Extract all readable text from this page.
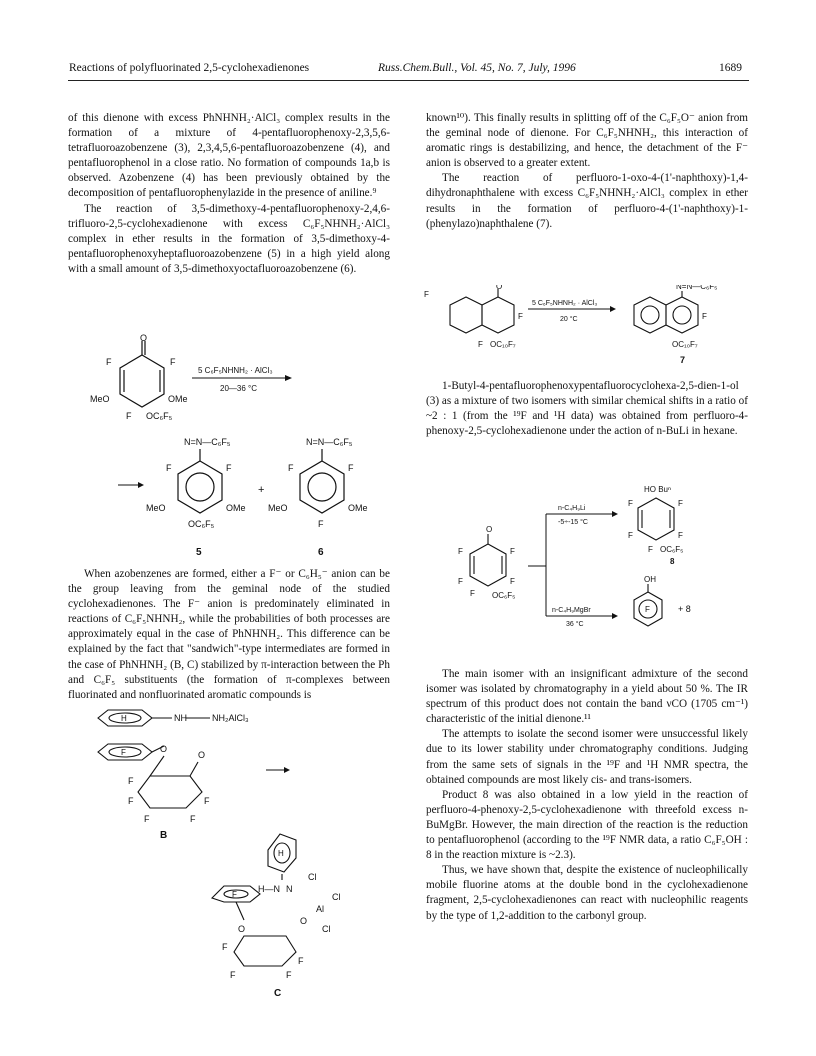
Reactions of polyfluorinated 2,5-cyclohexadienones	Russ.Chem.Bull., Vol. 45, No. 7, July, 1996	1689

of this dienone with excess PhNHNH₂·AlCl₃ complex results in the formation of a mixture of 4-pentafluorophenoxy-2,3,5,6-tetrafluoroazobenzene (3), 2,3,4,5,6-pentafluoroazobenzene (4), and pentafluorophenol in a close ratio. No formation of compounds 1a,b is observed. Azobenzene (4) has been previously obtained by the decomposition of pentafluorophenylazide in the presence of aniline.⁹

The reaction of 3,5-dimethoxy-4-pentafluorophenoxy-2,4,6-trifluoro-2,5-cyclohexadienone with excess C₆F₅NHNH₂·AlCl₃ complex in ether results in the formation of 3,5-dimethoxy-4-pentafluorophenoxyheptafluoroazobenzene (5) in a high yield along with a small amount of 3,5-dimethoxyoctafluoroazobenzene (6).

O
F	F
MeO	OMe
F OC₆F₅
5 C₆F₅NHNH₂ · AlCl₃
20—36 °C
N=N—C₆F₅
F	F
MeO	OMe
OC₆F₅
5
+
N=N—C₆F₅
F	F
MeO	OMe
F
6

When azobenzenes are formed, either a F⁻ or C₆H₅⁻ anion can be the group leaving from the geminal node of the studied cyclohexadienones. The F⁻ anion is predominately eliminated in reactions of C₆F₅NHNH₂, while the probabilities of both processes are approximately equal in the case of PhNHNH₂. This difference can be explained by the fact that "sandwich"-type intermediates are formed in the case of PhNHNH₂ (B, C) stabilized by π-interaction between the Ph and C₆F₅ substituents (the formation of π-complexes between fluorinated and nonfluorinated aromatic compounds is

H	NH	NH₂AlCl₃
F	O
O
F
F	F
F	F
B
H
F
O
H—N N
Cl
Al
Cl
Cl
O
F
F
F	F
C

known¹⁰). This finally results in splitting off of the C₆F₅O⁻ anion from the geminal node of dienone. For C₆F₅NHNH₂, this interaction of aromatic rings is destabilizing, and hence, the detachment of the F⁻ anion is observed to a greater extent.

The reaction of perfluoro-1-oxo-4-(1'-naphthoxy)-1,4-dihydronaphthalene with excess C₆F₅NHNH₂·AlCl₃ complex in ether results in the formation of perfluoro-4-(1'-naphthoxy)-1-(phenylazo)naphthalene (7).

F
O
F
F OC₁₀F₇
5 C₆F₅NHNH₂ · AlCl₃
20 °C
N=N—C₆F₅
F
OC₁₀F₇
7

1-Butyl-4-pentafluorophenoxypentafluorocyclohexa-2,5-dien-1-ol (3) as a mixture of two isomers with similar chemical shifts in a ratio of ~2 : 1 (from the ¹⁹F and ¹H data) was obtained from perfluoro-4-phenoxy-2,5-cyclohexadienone under the action of n-BuLi in hexane.

O
F	F
F	F
F OC₆F₅
n-C₄H₉Li
-5÷-15 °C
n-C₄H₉MgBr
36 °C
HO Buⁿ
F	F
F	F
F OC₆F₅
8
OH
F	+ 8

The main isomer with an insignificant admixture of the second isomer was isolated by chromatography in a yield about 50 %. The IR spectrum of this product does not contain the band νCO (1705 cm⁻¹) characteristic of the initial dienone.¹¹

The attempts to isolate the second isomer were unsuccessful likely due to its lower stability under chromatography conditions. Judging from the same sets of signals in the ¹⁹F and ¹H NMR spectra, the obtained compounds are most likely cis- and trans-isomers.

Product 8 was also obtained in a low yield in the reaction of perfluoro-4-phenoxy-2,5-cyclohexadienone with threefold excess n-BuMgBr. However, the main direction of the reaction is the reduction to pentafluorophenol (according to the ¹⁹F NMR data, a ratio C₆F₅OH : 8 in the reaction mixture is ~2.3).

Thus, we have shown that, despite the existence of nucleophilically mobile fluorine atoms at the double bond in the cyclohexadienone fragment, 2,5-cyclohexadienones can react with nucleophilic reagents by the type of 1,2-addition to the carbonyl group.
